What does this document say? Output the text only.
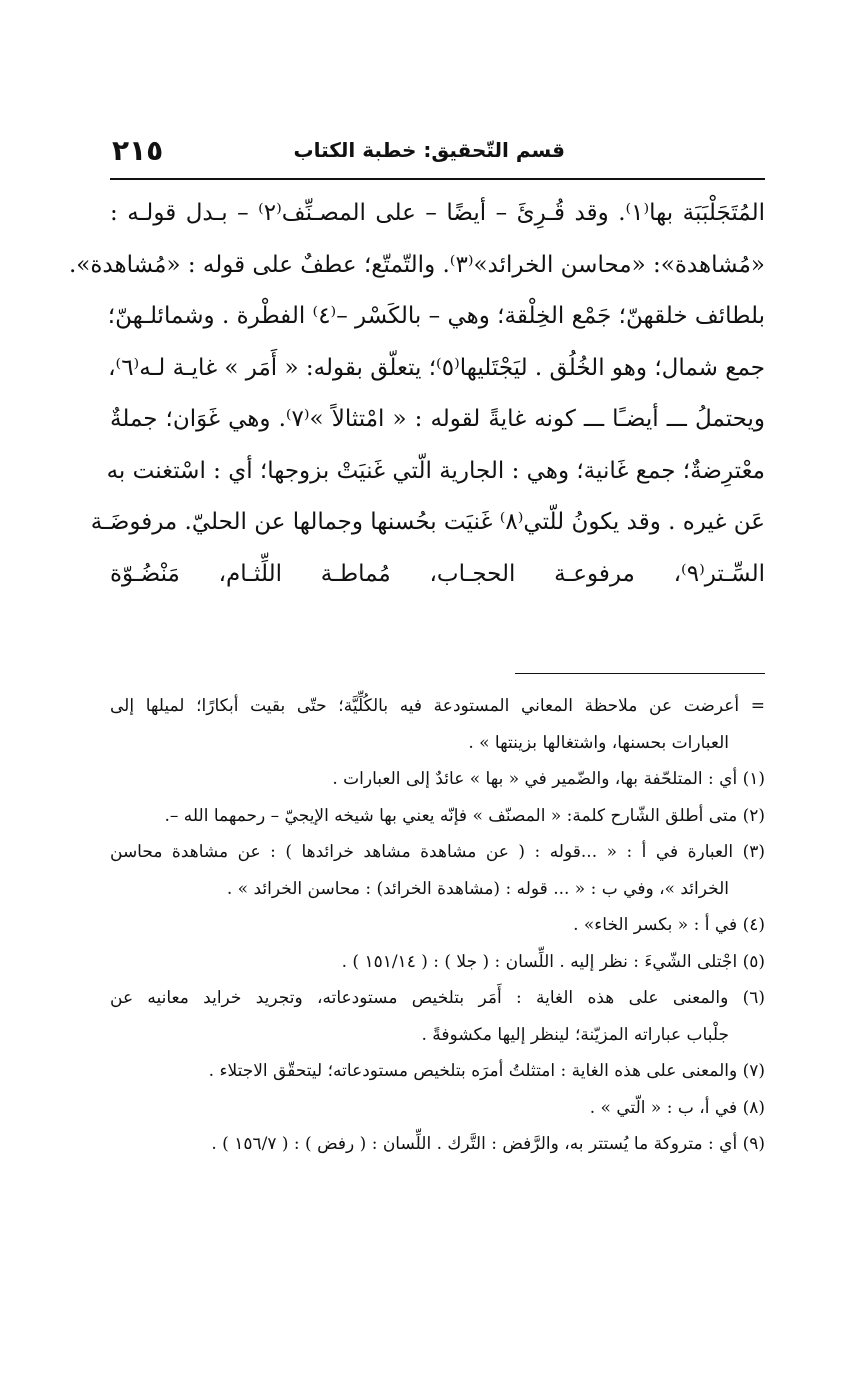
قسم التّحقيق: خطبة الكتاب
٢١٥
المُتَجَلْبَبَة بها⁽١⁾. وقد قُـرِئَ – أيضًا – على المصـنِّف⁽٢⁾ – بـدل قولـه :
«مُشاهدة»: «محاسن الخرائد»⁽٣⁾. والتّمتّع؛ عطفٌ على قوله : «مُشاهدة».
بلطائف خلقهنّ؛ جَمْع الخِلْقة؛ وهي – بالكَسْر –⁽٤⁾ الفطْرة . وشمائلـهنّ؛
جمع شمال؛ وهو الخُلُق . ليَجْتَليها⁽٥⁾؛ يتعلّق بقوله: « أَمَر » غايـة لـه⁽٦⁾،
ويحتملُ ـــ أيضـًا ـــ كونه غايةً لقوله : « امْتثالاً »⁽٧⁾. وهي غَوَان؛ جملةٌ
معْترِضةٌ؛ جمع غَانية؛ وهي : الجارية الّتي غَنيَتْ بزوجها؛ أي : اسْتغنت به
عَن غيره . وقد يكونُ للّتي⁽٨⁾ غَنيَت بحُسنها وجمالها عن الحليّ. مرفوضَـة
السِّـتر⁽٩⁾، مرفوعـة الحجـاب، مُماطـة اللِّثـام، مَنْضُـوّة
= أعرضت عن ملاحظة المعاني المستودعة فيه بالكُلِّيَّة؛ حتّى بقيت أبكارًا؛ لميلها إلى
العبارات بحسنها، واشتغالها بزينتها » .
(١) أي : المتلحّفة بها، والضّمير في « بها » عائدٌ إلى العبارات .
(٢) متى أطلق الشّارح كلمة: « المصنّف » فإنّه يعني بها شيخه الإيجيّ – رحمهما الله –.
(٣) العبارة في أ : « ...قوله : ( عن مشاهدة مشاهد خرائدها ) : عن مشاهدة محاسن
الخرائد »، وفي ب : « ... قوله : (مشاهدة الخرائد) : محاسن الخرائد » .
(٤) في أ : « بكسر الخاء» .
(٥) اجْتلى الشّيءَ : نظر إليه . اللِّسان : ( جلا ) : ( ١٥١/١٤ ) .
(٦) والمعنى على هذه الغاية : أَمَر بتلخيص مستودعاته، وتجريد خرايد معانيه عن
جلْباب عباراته المزيّنة؛ لينظر إليها مكشوفةً .
(٧) والمعنى على هذه الغاية : امتثلتُ أمرَه بتلخيص مستودعاته؛ ليتحقّق الاجتلاء .
(٨) في أ، ب : « الّتي » .
(٩) أي : متروكة ما يُستتر به، والرَّفض : التَّرك . اللِّسان : ( رفض ) : ( ١٥٦/٧ ) .
